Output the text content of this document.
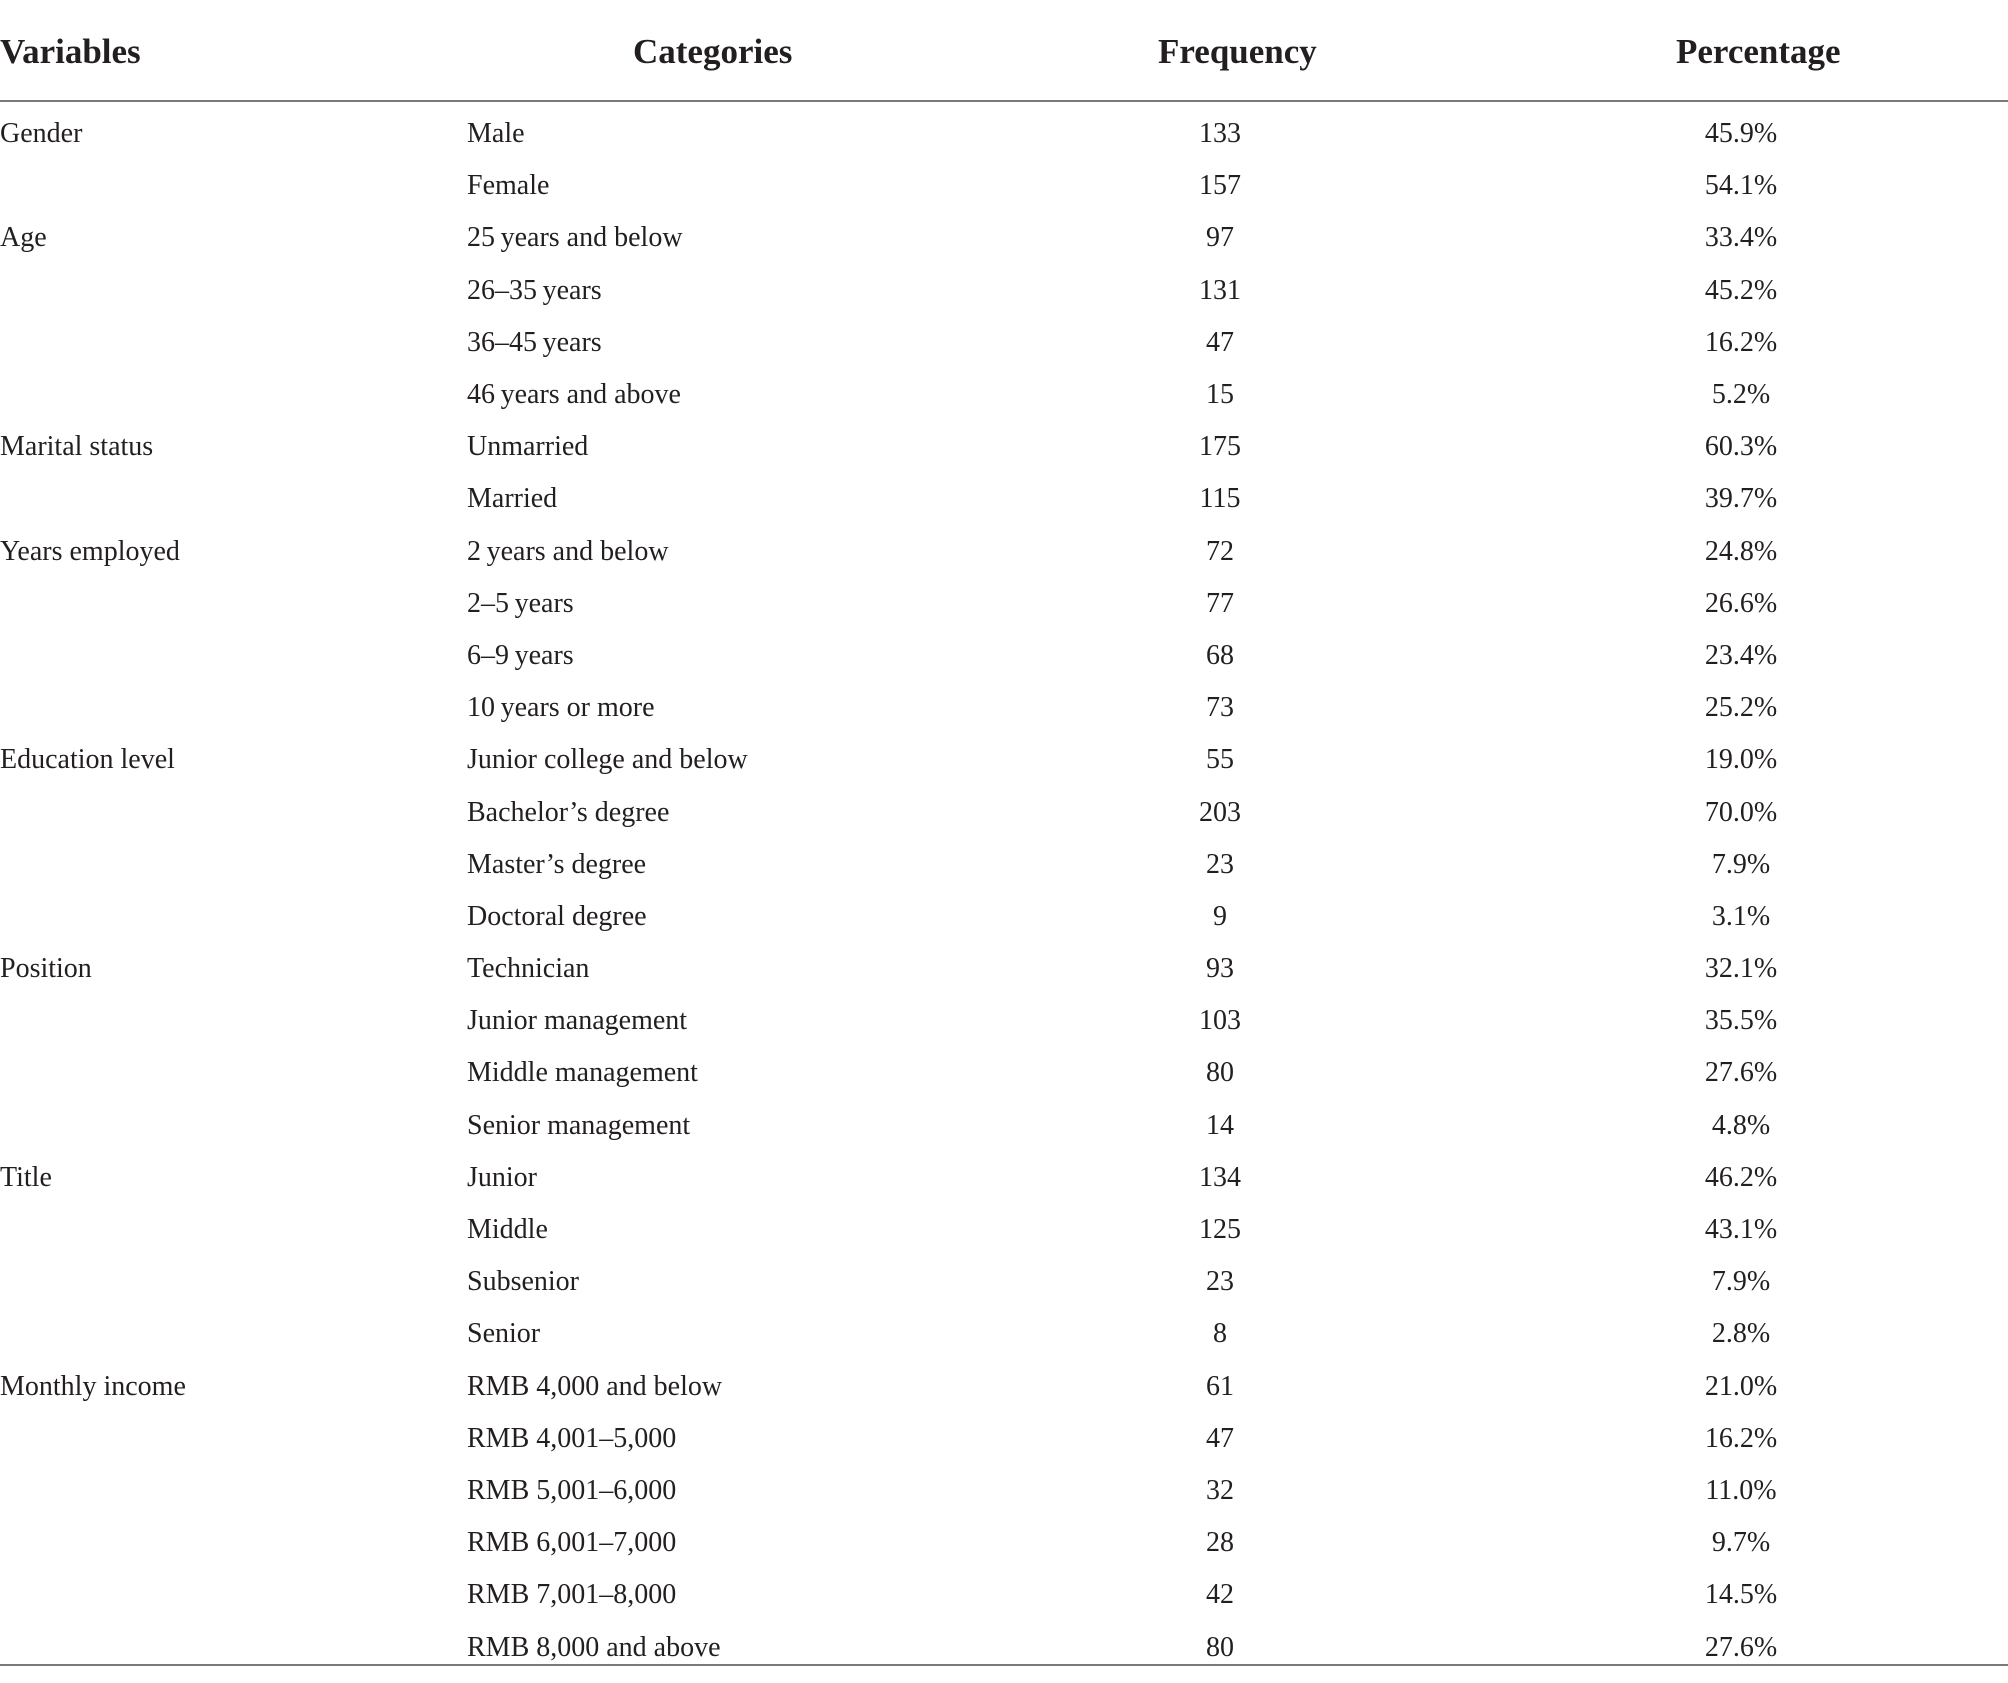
Variables	Categories	Frequency	Percentage
Gender	Male	133	45.9%
	Female	157	54.1%
Age	25 years and below	97	33.4%
	26–35 years	131	45.2%
	36–45 years	47	16.2%
	46 years and above	15	5.2%
Marital status	Unmarried	175	60.3%
	Married	115	39.7%
Years employed	2 years and below	72	24.8%
	2–5 years	77	26.6%
	6–9 years	68	23.4%
	10 years or more	73	25.2%
Education level	Junior college and below	55	19.0%
	Bachelor’s degree	203	70.0%
	Master’s degree	23	7.9%
	Doctoral degree	9	3.1%
Position	Technician	93	32.1%
	Junior management	103	35.5%
	Middle management	80	27.6%
	Senior management	14	4.8%
Title	Junior	134	46.2%
	Middle	125	43.1%
	Subsenior	23	7.9%
	Senior	8	2.8%
Monthly income	RMB 4,000 and below	61	21.0%
	RMB 4,001–5,000	47	16.2%
	RMB 5,001–6,000	32	11.0%
	RMB 6,001–7,000	28	9.7%
	RMB 7,001–8,000	42	14.5%
	RMB 8,000 and above	80	27.6%
